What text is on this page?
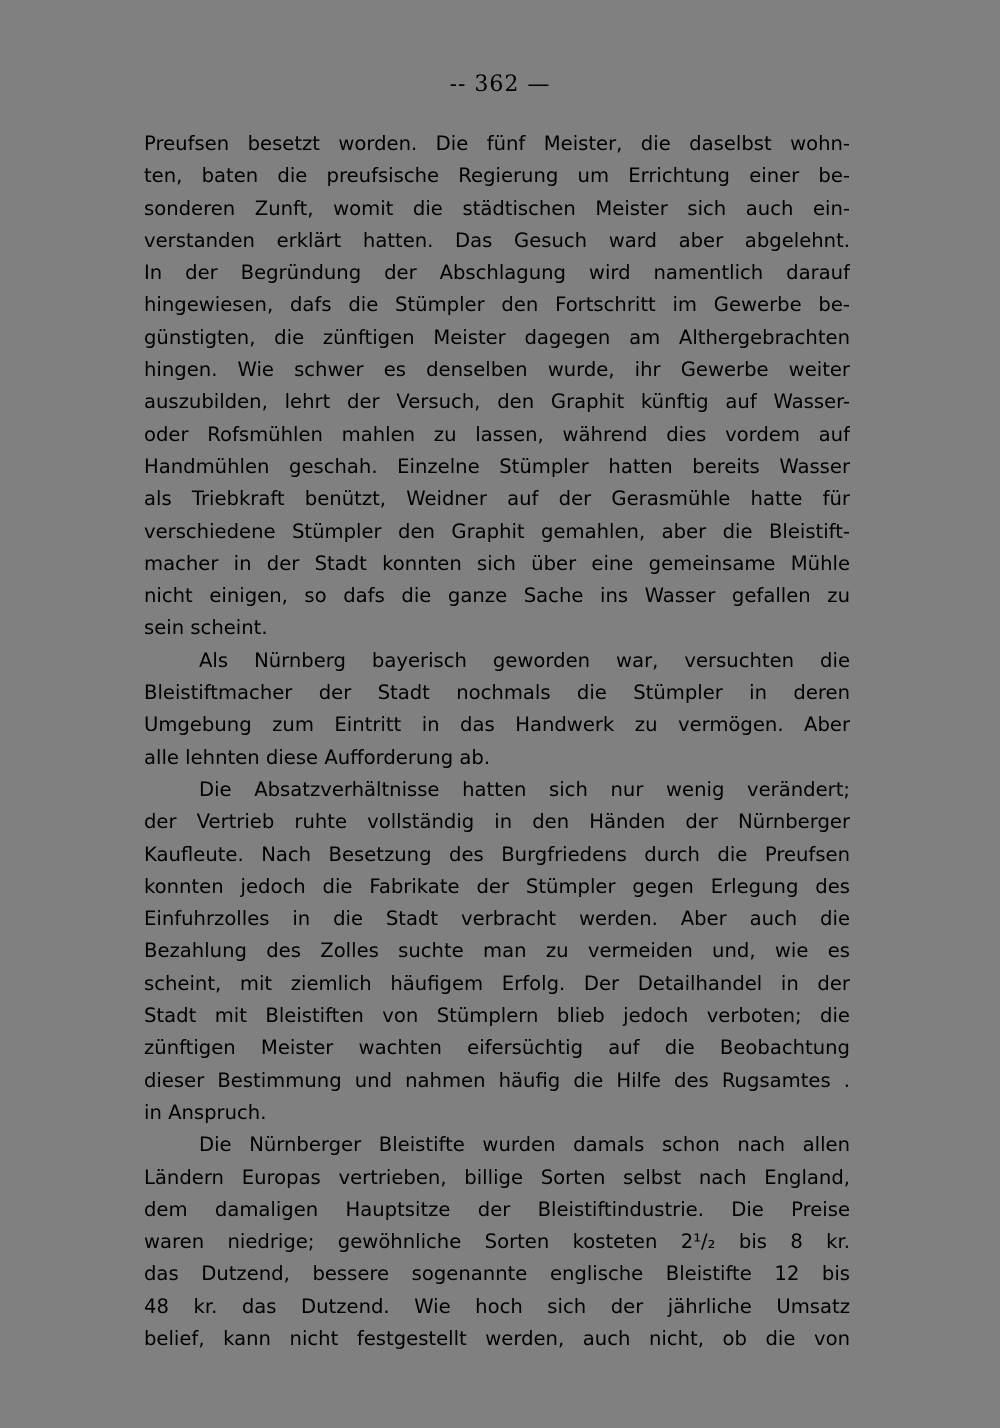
-- 362 —
Preufsen besetzt worden. Die fünf Meister, die daselbst wohn-
ten, baten die preufsische Regierung um Errichtung einer be-
sonderen Zunft, womit die städtischen Meister sich auch ein-
verstanden erklärt hatten. Das Gesuch ward aber abgelehnt.
In der Begründung der Abschlagung wird namentlich darauf
hingewiesen, dafs die Stümpler den Fortschritt im Gewerbe be-
günstigten, die zünftigen Meister dagegen am Althergebrachten
hingen. Wie schwer es denselben wurde, ihr Gewerbe weiter
auszubilden, lehrt der Versuch, den Graphit künftig auf Wasser-
oder Rofsmühlen mahlen zu lassen, während dies vordem auf
Handmühlen geschah. Einzelne Stümpler hatten bereits Wasser
als Triebkraft benützt, Weidner auf der Gerasmühle hatte für
verschiedene Stümpler den Graphit gemahlen, aber die Bleistift-
macher in der Stadt konnten sich über eine gemeinsame Mühle
nicht einigen, so dafs die ganze Sache ins Wasser gefallen zu
sein scheint.
Als Nürnberg bayerisch geworden war, versuchten die
Bleistiftmacher der Stadt nochmals die Stümpler in deren
Umgebung zum Eintritt in das Handwerk zu vermögen. Aber
alle lehnten diese Aufforderung ab.
Die Absatzverhältnisse hatten sich nur wenig verändert;
der Vertrieb ruhte vollständig in den Händen der Nürnberger
Kaufleute. Nach Besetzung des Burgfriedens durch die Preufsen
konnten jedoch die Fabrikate der Stümpler gegen Erlegung des
Einfuhrzolles in die Stadt verbracht werden. Aber auch die
Bezahlung des Zolles suchte man zu vermeiden und, wie es
scheint, mit ziemlich häufigem Erfolg. Der Detailhandel in der
Stadt mit Bleistiften von Stümplern blieb jedoch verboten; die
zünftigen Meister wachten eifersüchtig auf die Beobachtung
dieser Bestimmung und nahmen häufig die Hilfe des Rugsamtes .
in Anspruch.
Die Nürnberger Bleistifte wurden damals schon nach allen
Ländern Europas vertrieben, billige Sorten selbst nach England,
dem damaligen Hauptsitze der Bleistiftindustrie. Die Preise
waren niedrige; gewöhnliche Sorten kosteten 2¹/₂ bis 8 kr.
das Dutzend, bessere sogenannte englische Bleistifte 12 bis
48 kr. das Dutzend. Wie hoch sich der jährliche Umsatz
belief, kann nicht festgestellt werden, auch nicht, ob die von
